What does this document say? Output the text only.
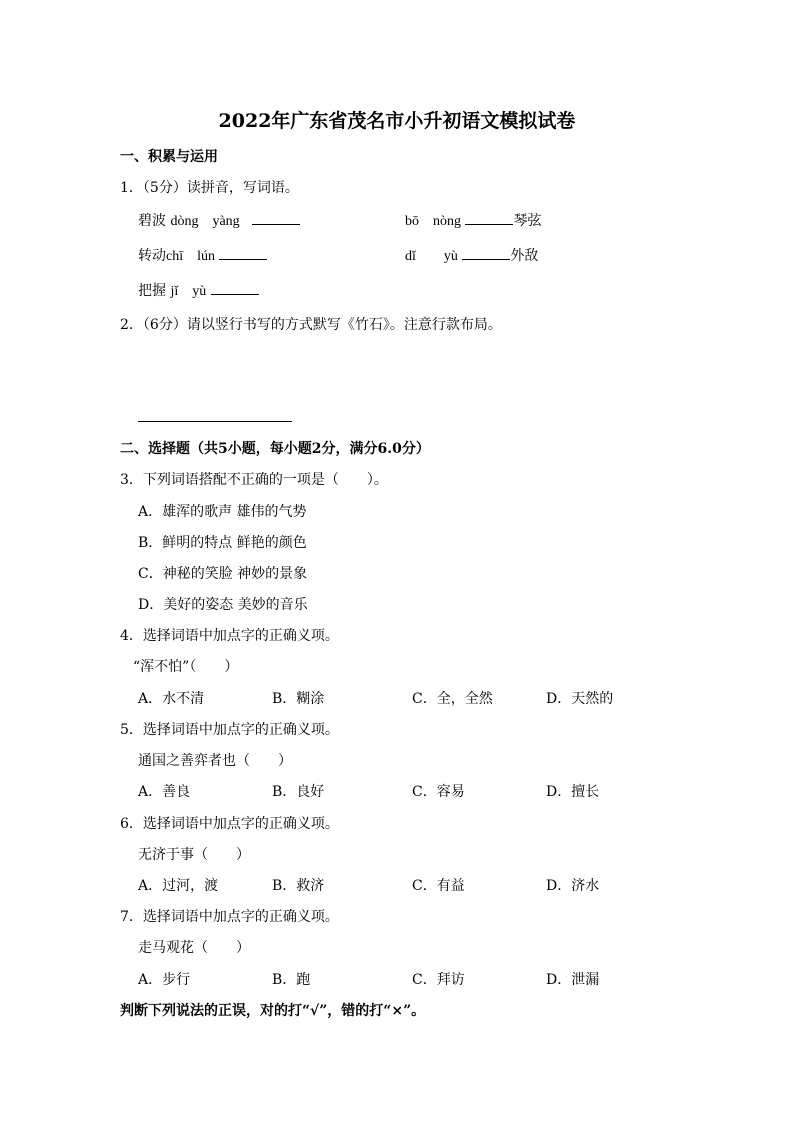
2022年广东省茂名市小升初语文模拟试卷
一、积累与运用
1．（5分）读拼音，写词语。
碧波 dòng　yàng	bō　nòng	琴弦
转动chī　lún	dǐ　　yù	外敌
把握 jǐ　yù
2．（6分）请以竖行书写的方式默写《竹石》。注意行款布局。
二、选择题（共5小题，每小题2分，满分6.0分）
3．下列词语搭配不正确的一项是（　　）。
A．雄浑的歌声 雄伟的气势
B．鲜明的特点 鲜艳的颜色
C．神秘的笑脸 神妙的景象
D．美好的姿态 美妙的音乐
4．选择词语中加点字的正确义项。
“浑不怕”（　　）
A．水不清	B．糊涂	C．全，全然	D．天然的
5．选择词语中加点字的正确义项。
通国之善弈者也（　　）
A．善良	B．良好	C．容易	D．擅长
6．选择词语中加点字的正确义项。
无济于事（　　）
A．过河，渡	B．救济	C．有益	D．济水
7．选择词语中加点字的正确义项。
走马观花（　　）
A．步行	B．跑	C．拜访	D．泄漏
判断下列说法的正误，对的打“√”，错的打“×”。
